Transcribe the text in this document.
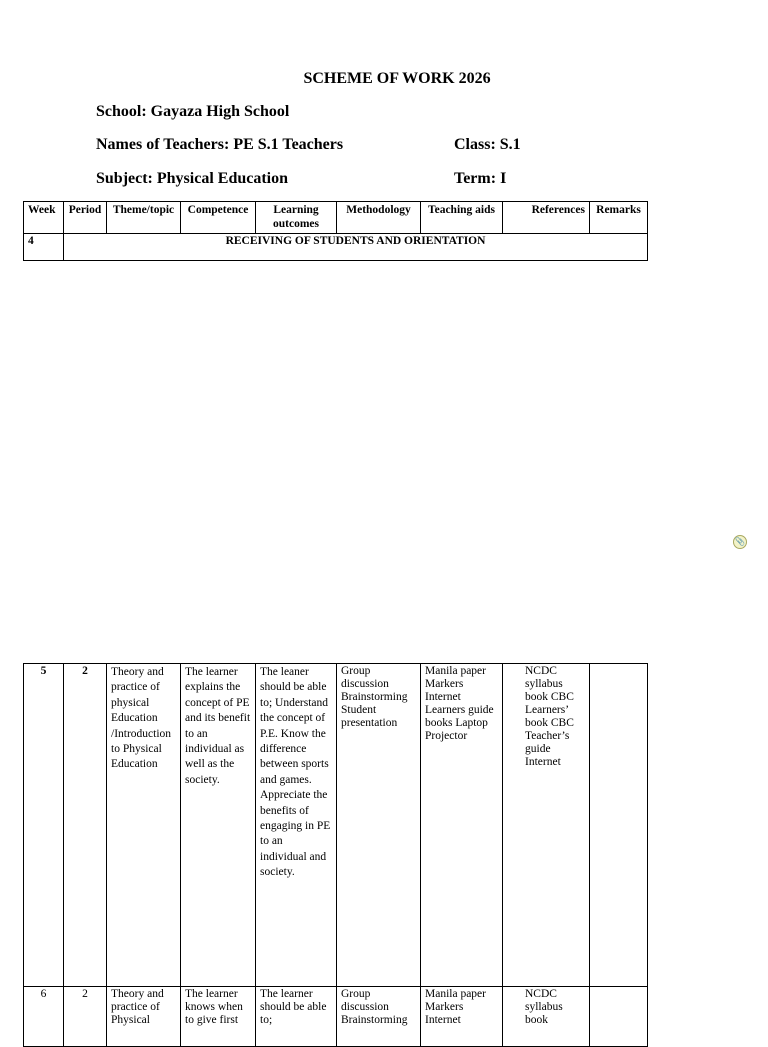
SCHEME OF WORK 2026
School: Gayaza High School
Names of Teachers: PE S.1 Teachers	Class: S.1
Subject: Physical Education	Term: I
Week	Period	Theme/topic	Competence	Learning outcomes	Methodology	Teaching aids	References	Remarks
4	RECEIVING OF STUDENTS AND ORIENTATION							
📎
5	2	Theory and practice of physical Education /Introduction to Physical Education	The learner explains the concept of PE and its benefit to an individual as well as the society.	The leaner should be able to; Understand the concept of P.E. Know the difference between sports and games. Appreciate the benefits of engaging in PE to an individual and society.	Group discussion Brainstorming Student presentation	Manila paper Markers Internet Learners guide books Laptop Projector	NCDC syllabus book CBC Learners’ book CBC Teacher’s guide Internet	
6	2	Theory and practice of Physical	The learner knows when to give first	The learner should be able to;	Group discussion Brainstorming	Manila paper Markers Internet	NCDC syllabus book	
